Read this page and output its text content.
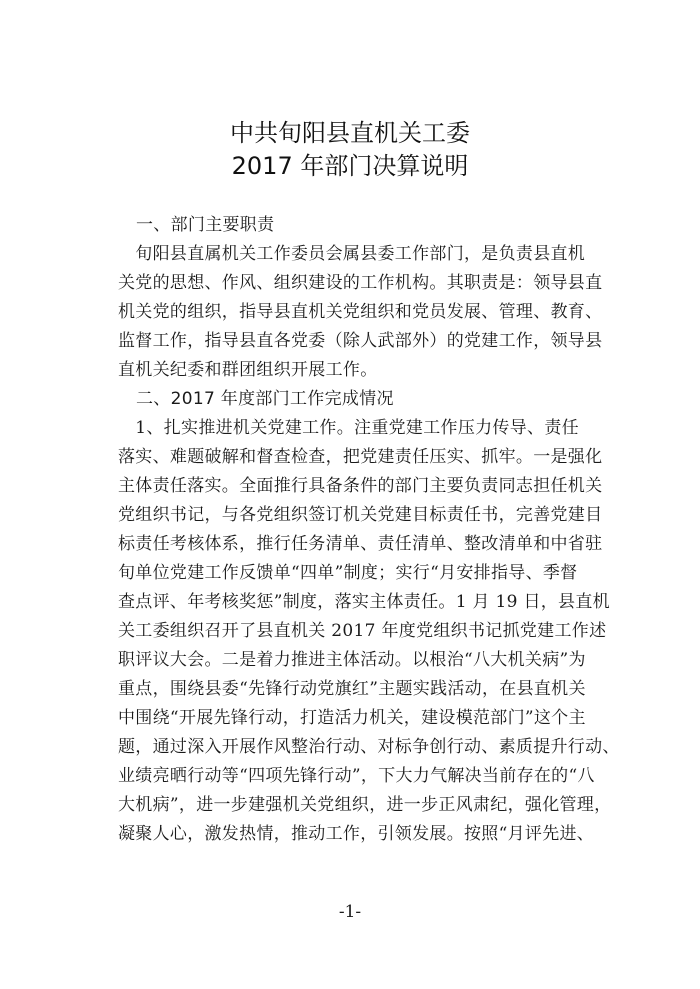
中共旬阳县直机关工委
2017 年部门决算说明
一、部门主要职责
　旬阳县直属机关工作委员会属县委工作部门，是负责县直机
关党的思想、作风、组织建设的工作机构。其职责是：领导县直
机关党的组织，指导县直机关党组织和党员发展、管理、教育、
监督工作，指导县直各党委（除人武部外）的党建工作，领导县
直机关纪委和群团组织开展工作。
二、2017 年度部门工作完成情况
　1、扎实推进机关党建工作。注重党建工作压力传导、责任
落实、难题破解和督查检查，把党建责任压实、抓牢。一是强化
主体责任落实。全面推行具备条件的部门主要负责同志担任机关
党组织书记，与各党组织签订机关党建目标责任书，完善党建目
标责任考核体系，推行任务清单、责任清单、整改清单和中省驻
旬单位党建工作反馈单“四单”制度；实行“月安排指导、季督
查点评、年考核奖惩”制度，落实主体责任。1 月 19 日，县直机
关工委组织召开了县直机关 2017 年度党组织书记抓党建工作述
职评议大会。二是着力推进主体活动。以根治“八大机关病”为
重点，围绕县委“先锋行动党旗红”主题实践活动，在县直机关
中围绕“开展先锋行动，打造活力机关，建设模范部门”这个主
题，通过深入开展作风整治行动、对标争创行动、素质提升行动、
业绩亮晒行动等“四项先锋行动”，下大力气解决当前存在的“八
大机病”，进一步建强机关党组织，进一步正风肃纪，强化管理，
凝聚人心，激发热情，推动工作，引领发展。按照“月评先进、
-1-
